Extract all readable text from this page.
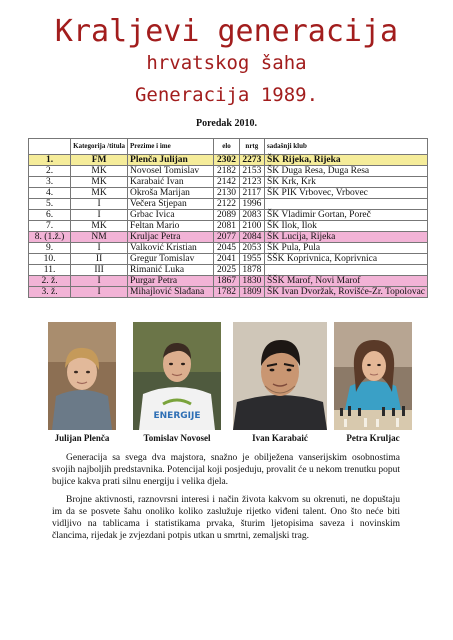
Kraljevi generacija
hrvatskog šaha
Generacija 1989.
Poredak 2010.
	Kategorija /titula	Prezime i ime	elo	nrtg	sadašnji klub
1.	FM	Plenča Julijan	2302	2273	ŠK Rijeka, Rijeka
2.	MK	Novosel Tomislav	2182	2153	ŠK Duga Resa, Duga Resa
3.	MK	Karabaić Ivan	2142	2123	ŠK Krk, Krk
4.	MK	Okroša Marijan	2130	2117	ŠK PIK Vrbovec, Vrbovec
5.	I	Večera Stjepan	2122	1996	
6.	I	Grbac Ivica	2089	2083	ŠK Vladimir Gortan, Poreč
7.	MK	Feltan Mario	2081	2100	ŠK Ilok, Ilok
8. (1.ž.)	NM	Kruljac Petra	2077	2084	ŠK Lucija, Rijeka
9.	I	Valković Kristian	2045	2053	ŠK Pula, Pula
10.	II	Gregur Tomislav	2041	1955	ŠŠK Koprivnica, Koprivnica
11.	III	Rimanić Luka	2025	1878	
2. ž.	I	Purgar Petra	1867	1830	ŠŠK Marof, Novi Marof
3. ž.	I	Mihajlović Slađana	1782	1809	ŠK Ivan Dvoržak, Rovišće-Zr. Topolovac
Julijan Plenča
ENERGIJE
Tomislav Novosel	Ivan Karabaić	Petra Kruljac
Generacija sa svega dva majstora, snažno je obilježena vanserijskim osobnostima svojih najboljih predstavnika. Potencijal koji posjeduju, provalit će u nekom trenutku poput bujice kakva prati silnu energiju i velika djela.
Brojne aktivnosti, raznovrsni interesi i način života kakvom su okrenuti, ne dopuštaju im da se posvete šahu onoliko koliko zaslužuje rijetko viđeni talent. Ono što neće biti vidljivo na tablicama i statistikama prvaka, šturim ljetopisima saveza i novinskim člancima, rijedak je zvjezdani potpis utkan u smrtni, zemaljski trag.
